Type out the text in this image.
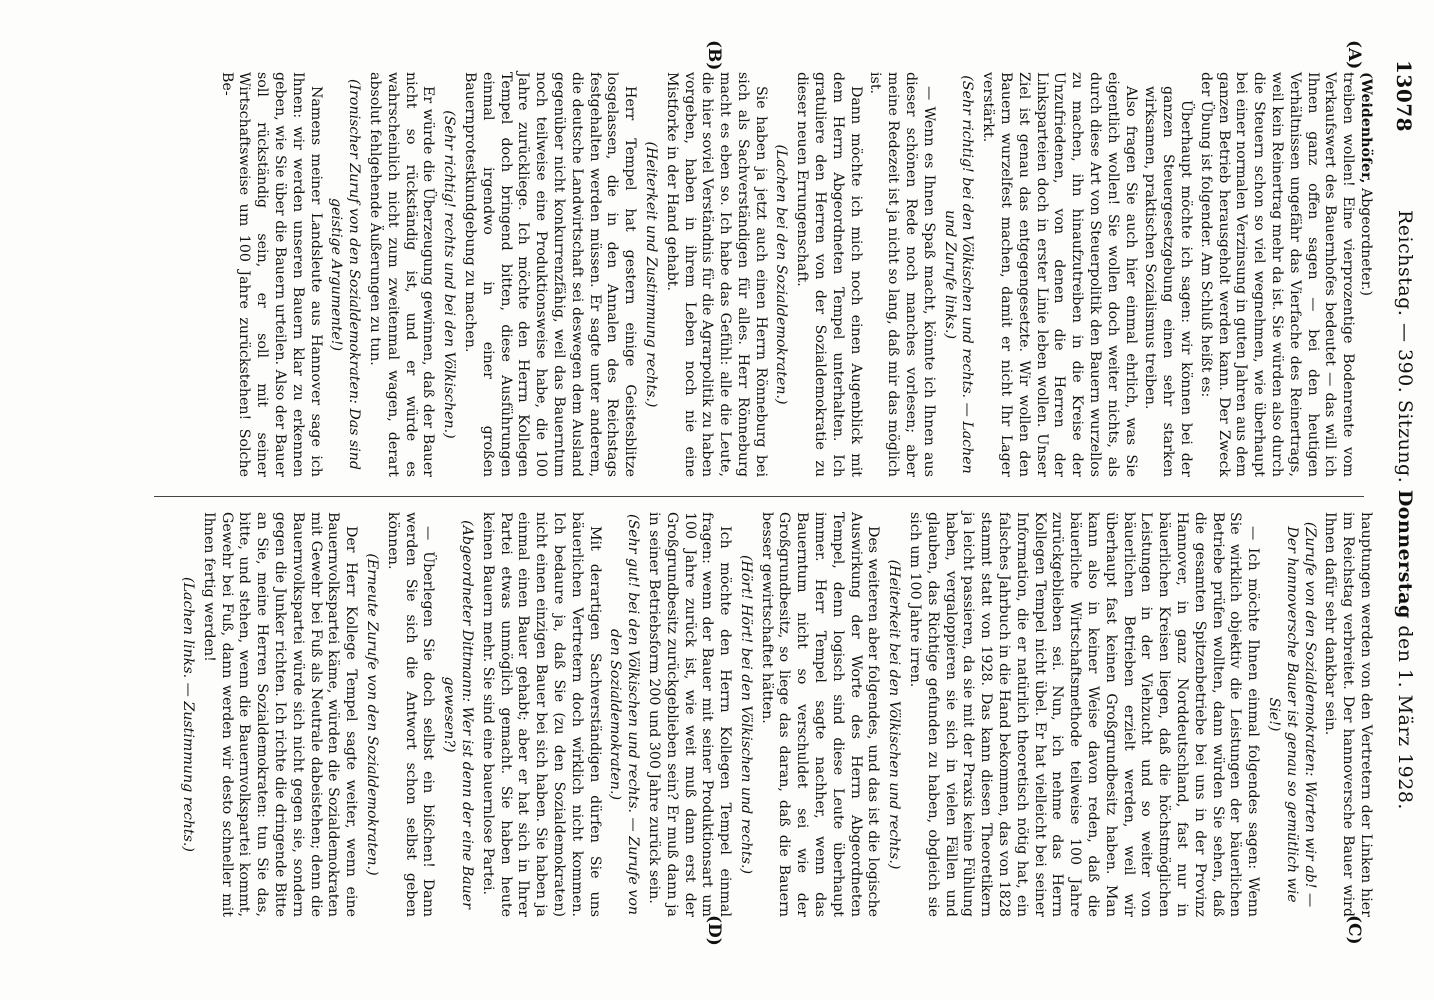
13078
Reichstag. — 390. Sitzung. Donnerstag den 1. März 1928.
(A)
(B)
(C)
(D)

(Weidenhöfer, Abgeordneter.)
treiben wollen! Eine vierprozentige Bodenrente vom Verkaufswert des Bauernhofes bedeutet — das will ich Ihnen ganz offen sagen — bei den heutigen Verhältnissen ungefähr das Vierfache des Reinertrags, weil kein Reinertrag mehr da ist. Sie würden also durch die Steuern schon so viel wegnehmen, wie überhaupt bei einer normalen Verzinsung in guten Jahren aus dem ganzen Betrieb herausgeholt werden kann. Der Zweck der Übung ist folgender. Am Schluß heißt es:

Überhaupt möchte ich sagen: wir können bei der ganzen Steuergesetzgebung einen sehr starken wirksamen, praktischen Sozialismus treiben.

Also fragen Sie auch hier einmal ehrlich, was Sie eigentlich wollen! Sie wollen doch weiter nichts, als durch diese Art von Steuerpolitik den Bauern wurzellos zu machen, ihn hinaufzutreiben in die Kreise der Unzufriedenen, von denen die Herren der Linksparteien doch in erster Linie leben wollen. Unser Ziel ist genau das entgegengesetzte. Wir wollen den Bauern wurzelfest machen, damit er nicht Ihr Lager verstärkt.

(Sehr richtig! bei den Völkischen und rechts. — Lachen und Zurufe links.)

— Wenn es Ihnen Spaß macht, könnte ich Ihnen aus dieser schönen Rede noch manches vorlesen; aber meine Redezeit ist ja nicht so lang, daß mir das möglich ist.

Dann möchte ich mich noch einen Augenblick mit dem Herrn Abgeordneten Tempel unterhalten. Ich gratuliere den Herren von der Sozialdemokratie zu dieser neuen Errungenschaft.

(Lachen bei den Sozialdemokraten.)

Sie haben ja jetzt auch einen Herrn Rönneburg bei sich als Sachverständigen für alles. Herr Rönneburg macht es eben so. Ich habe das Gefühl: alle die Leute, die hier soviel Verständnis für die Agrarpolitik zu haben vorgeben, haben in ihrem Leben noch nie eine Mistforke in der Hand gehabt.

(Heiterkeit und Zustimmung rechts.)

Herr Tempel hat gestern einige Geistesblitze losgelassen, die in den Annalen des Reichstags festgehalten werden müssen. Er sagte unter anderem, die deutsche Landwirtschaft sei deswegen dem Ausland gegenüber nicht konkurrenzfähig, weil das Bauerntum noch teilweise eine Produktionsweise habe, die 100 Jahre zurückliege. Ich möchte den Herrn Kollegen Tempel doch bringend bitten, diese Ausführungen einmal irgendwo in einer großen Bauernprotestkundgebung zu machen.

(Sehr richtig! rechts und bei den Völkischen.)

Er würde die Überzeugung gewinnen, daß der Bauer nicht so rückständig ist, und er würde es wahrscheinlich nicht zum zweitenmal wagen, derart absolut fehlgehende Äußerungen zu tun.

(Ironischer Zuruf von den Sozialdemokraten: Das sind geistige Argumente!)

Namens meiner Landsleute aus Hannover sage ich Ihnen: wir werden unseren Bauern klar zu erkennen geben, wie Sie über die Bauern urteilen. Also der Bauer soll rückständig sein, er soll mit seiner Wirtschaftsweise um 100 Jahre zurückstehen! Solche Be-

hauptungen werden von den Vertretern der Linken hier im Reichstag verbreitet. Der hannoversche Bauer wird Ihnen dafür sehr dankbar sein.

(Zurufe von den Sozialdemokraten: Warten wir ab! — Der hannoversche Bauer ist genau so gemütlich wie Sie!)

— Ich möchte Ihnen einmal folgendes sagen: Wenn Sie wirklich objektiv die Leistungen der bäuerlichen Betriebe prüfen wollten, dann würden Sie sehen, daß die gesamten Spitzenbetriebe bei uns in der Provinz Hannover, in ganz Norddeutschland, fast nur in bäuerlichen Kreisen liegen, daß die höchstmöglichen Leistungen in der Viehzucht und so weiter von bäuerlichen Betrieben erzielt werden, weil wir überhaupt fast keinen Großgrundbesitz haben. Man kann also in keiner Weise davon reden, daß die bäuerliche Wirtschaftsmethode teilweise 100 Jahre zurückgeblieben sei. Nun, ich nehme das Herrn Kollegen Tempel nicht übel. Er hat vielleicht bei seiner Information, die er natürlich theoretisch nötig hat, ein falsches Jahrbuch in die Hand bekommen, das von 1828 stammt statt von 1928. Das kann diesen Theoretikern ja leicht passieren, da sie mit der Praxis keine Fühlung haben, vergaloppieren sie sich in vielen Fällen und glauben, das Richtige gefunden zu haben, obgleich sie sich um 100 Jahre irren.

(Heiterkeit bei den Völkischen und rechts.)

Des weiteren aber folgendes, und das ist die logische Auswirkung der Worte des Herrn Abgeordneten Tempel, denn logisch sind diese Leute überhaupt immer. Herr Tempel sagte nachher, wenn das Bauerntum nicht so verschuldet sei wie der Großgrundbesitz, so liege das daran, daß die Bauern besser gewirtschaftet hätten.

(Hört! Hört! bei den Völkischen und rechts.)

Ich möchte den Herrn Kollegen Tempel einmal fragen: wenn der Bauer mit seiner Produktionsart um 100 Jahre zurück ist, wie weit muß dann erst der Großgrundbesitz zurückgeblieben sein? Er muß dann ja in seiner Betriebsform 200 und 300 Jahre zurück sein.

(Sehr gut! bei den Völkischen und rechts. — Zurufe von den Sozialdemokraten.)

Mit derartigen Sachverständigen dürfen Sie uns bäuerlichen Vertretern doch wirklich nicht kommen. Ich bedaure ja, daß Sie (zu den Sozialdemokraten) nicht einen einzigen Bauer bei sich haben. Sie haben ja einmal einen Bauer gehabt; aber er hat sich in Ihrer Partei etwas unmöglich gemacht. Sie haben heute keinen Bauern mehr. Sie sind eine bauernlose Partei.

(Abgeordneter Dittmann: Wer ist denn der eine Bauer gewesen?)

— Überlegen Sie doch selbst ein bißchen! Dann werden Sie sich die Antwort schon selbst geben können.

(Erneute Zurufe von den Sozialdemokraten.)

Der Herr Kollege Tempel sagte weiter, wenn eine Bauernvolkspartei käme, würden die Sozialdemokraten mit Gewehr bei Fuß als Neutrale dabeistehen; denn die Bauernvolkspartei würde sich nicht gegen sie, sondern gegen die Junker richten. Ich richte die dringende Bitte an Sie, meine Herren Sozialdemokraten: tun Sie das, bitte, und stehen, wenn die Bauernvolkspartei kommt, Gewehr bei Fuß, dann werden wir desto schneller mit Ihnen fertig werden!

(Lachen links. — Zustimmung rechts.)
